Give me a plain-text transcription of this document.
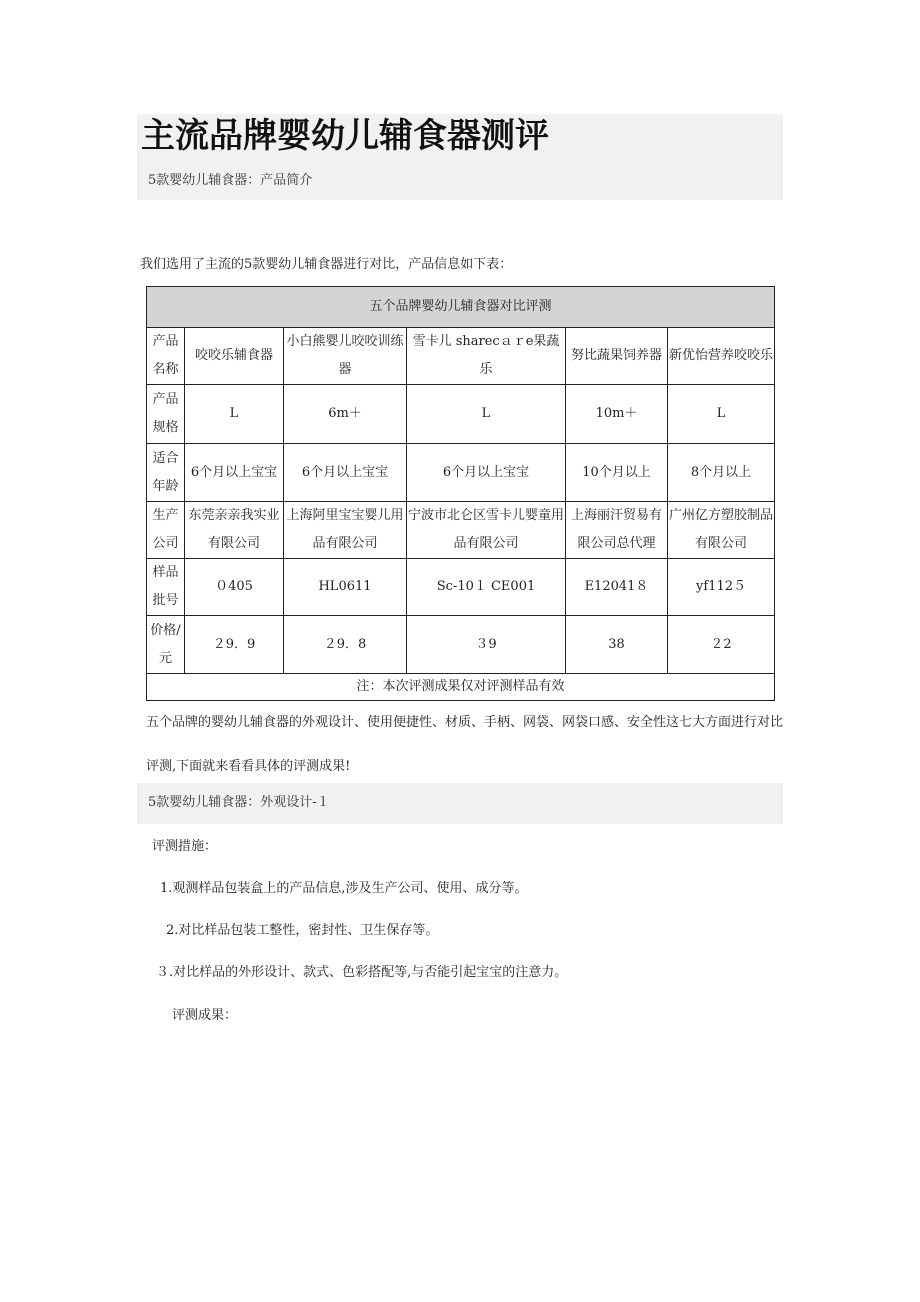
主流品牌婴幼儿辅食器测评
5款婴幼儿辅食器：产品简介
我们选用了主流的5款婴幼儿辅食器进行对比，产品信息如下表：
五个品牌婴幼儿辅食器对比评测					
产品名称	咬咬乐辅食器	小白熊婴儿咬咬训练器	雪卡儿 sharecａｒe果蔬乐	努比蔬果饲养器	新优怡营养咬咬乐
产品规格	L	6m＋	L	10m＋	L
适合年龄	6个月以上宝宝	6个月以上宝宝	6个月以上宝宝	10个月以上	8个月以上
生产公司	东莞亲亲我实业有限公司	上海阿里宝宝婴儿用品有限公司	宁波市北仑区雪卡儿婴童用品有限公司	上海丽汗贸易有限公司总代理	广州亿方塑胶制品有限公司
样品批号	０405	HL0611	Sc-10１ CE001	E12041８	yf112５
价格/元	２9．9	２9．8	３9	38	２2
注：本次评测成果仅对评测样品有效					

五个品牌的婴幼儿辅食器的外观设计、使用便捷性、材质、手柄、网袋、网袋口感、安全性这七大方面进行对比评测,下面就来看看具体的评测成果!

5款婴幼儿辅食器：外观设计-１
评测措施：
1.观测样品包装盒上的产品信息,涉及生产公司、使用、成分等。
2.对比样品包装工整性，密封性、卫生保存等。
３.对比样品的外形设计、款式、色彩搭配等,与否能引起宝宝的注意力。
评测成果：
